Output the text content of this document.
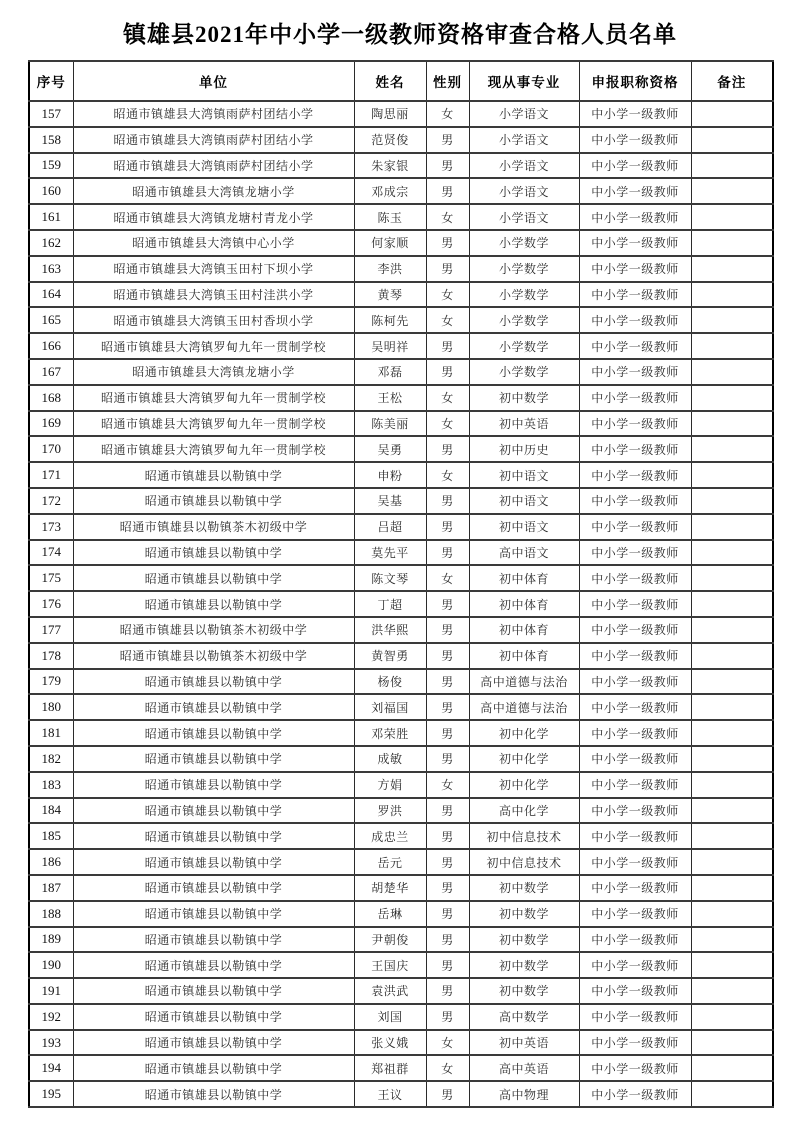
镇雄县2021年中小学一级教师资格审查合格人员名单
序号	单位	姓名	性别	现从事专业	申报职称资格	备注
157	昭通市镇雄县大湾镇雨萨村团结小学	陶思丽	女	小学语文	中小学一级教师	
158	昭通市镇雄县大湾镇雨萨村团结小学	范贤俊	男	小学语文	中小学一级教师	
159	昭通市镇雄县大湾镇雨萨村团结小学	朱家银	男	小学语文	中小学一级教师	
160	昭通市镇雄县大湾镇龙塘小学	邓成宗	男	小学语文	中小学一级教师	
161	昭通市镇雄县大湾镇龙塘村青龙小学	陈玉	女	小学语文	中小学一级教师	
162	昭通市镇雄县大湾镇中心小学	何家顺	男	小学数学	中小学一级教师	
163	昭通市镇雄县大湾镇玉田村下坝小学	李洪	男	小学数学	中小学一级教师	
164	昭通市镇雄县大湾镇玉田村洼洪小学	黄琴	女	小学数学	中小学一级教师	
165	昭通市镇雄县大湾镇玉田村香坝小学	陈柯先	女	小学数学	中小学一级教师	
166	昭通市镇雄县大湾镇罗甸九年一贯制学校	吴明祥	男	小学数学	中小学一级教师	
167	昭通市镇雄县大湾镇龙塘小学	邓磊	男	小学数学	中小学一级教师	
168	昭通市镇雄县大湾镇罗甸九年一贯制学校	王松	女	初中数学	中小学一级教师	
169	昭通市镇雄县大湾镇罗甸九年一贯制学校	陈美丽	女	初中英语	中小学一级教师	
170	昭通市镇雄县大湾镇罗甸九年一贯制学校	吴勇	男	初中历史	中小学一级教师	
171	昭通市镇雄县以勒镇中学	申粉	女	初中语文	中小学一级教师	
172	昭通市镇雄县以勒镇中学	吴基	男	初中语文	中小学一级教师	
173	昭通市镇雄县以勒镇茶木初级中学	吕超	男	初中语文	中小学一级教师	
174	昭通市镇雄县以勒镇中学	莫先平	男	高中语文	中小学一级教师	
175	昭通市镇雄县以勒镇中学	陈文琴	女	初中体育	中小学一级教师	
176	昭通市镇雄县以勒镇中学	丁超	男	初中体育	中小学一级教师	
177	昭通市镇雄县以勒镇茶木初级中学	洪华熙	男	初中体育	中小学一级教师	
178	昭通市镇雄县以勒镇茶木初级中学	黄智勇	男	初中体育	中小学一级教师	
179	昭通市镇雄县以勒镇中学	杨俊	男	高中道德与法治	中小学一级教师	
180	昭通市镇雄县以勒镇中学	刘福国	男	高中道德与法治	中小学一级教师	
181	昭通市镇雄县以勒镇中学	邓荣胜	男	初中化学	中小学一级教师	
182	昭通市镇雄县以勒镇中学	成敏	男	初中化学	中小学一级教师	
183	昭通市镇雄县以勒镇中学	方娟	女	初中化学	中小学一级教师	
184	昭通市镇雄县以勒镇中学	罗洪	男	高中化学	中小学一级教师	
185	昭通市镇雄县以勒镇中学	成忠兰	男	初中信息技术	中小学一级教师	
186	昭通市镇雄县以勒镇中学	岳元	男	初中信息技术	中小学一级教师	
187	昭通市镇雄县以勒镇中学	胡楚华	男	初中数学	中小学一级教师	
188	昭通市镇雄县以勒镇中学	岳琳	男	初中数学	中小学一级教师	
189	昭通市镇雄县以勒镇中学	尹朝俊	男	初中数学	中小学一级教师	
190	昭通市镇雄县以勒镇中学	王国庆	男	初中数学	中小学一级教师	
191	昭通市镇雄县以勒镇中学	袁洪武	男	初中数学	中小学一级教师	
192	昭通市镇雄县以勒镇中学	刘国	男	高中数学	中小学一级教师	
193	昭通市镇雄县以勒镇中学	张义娥	女	初中英语	中小学一级教师	
194	昭通市镇雄县以勒镇中学	郑祖群	女	高中英语	中小学一级教师	
195	昭通市镇雄县以勒镇中学	王议	男	高中物理	中小学一级教师	
